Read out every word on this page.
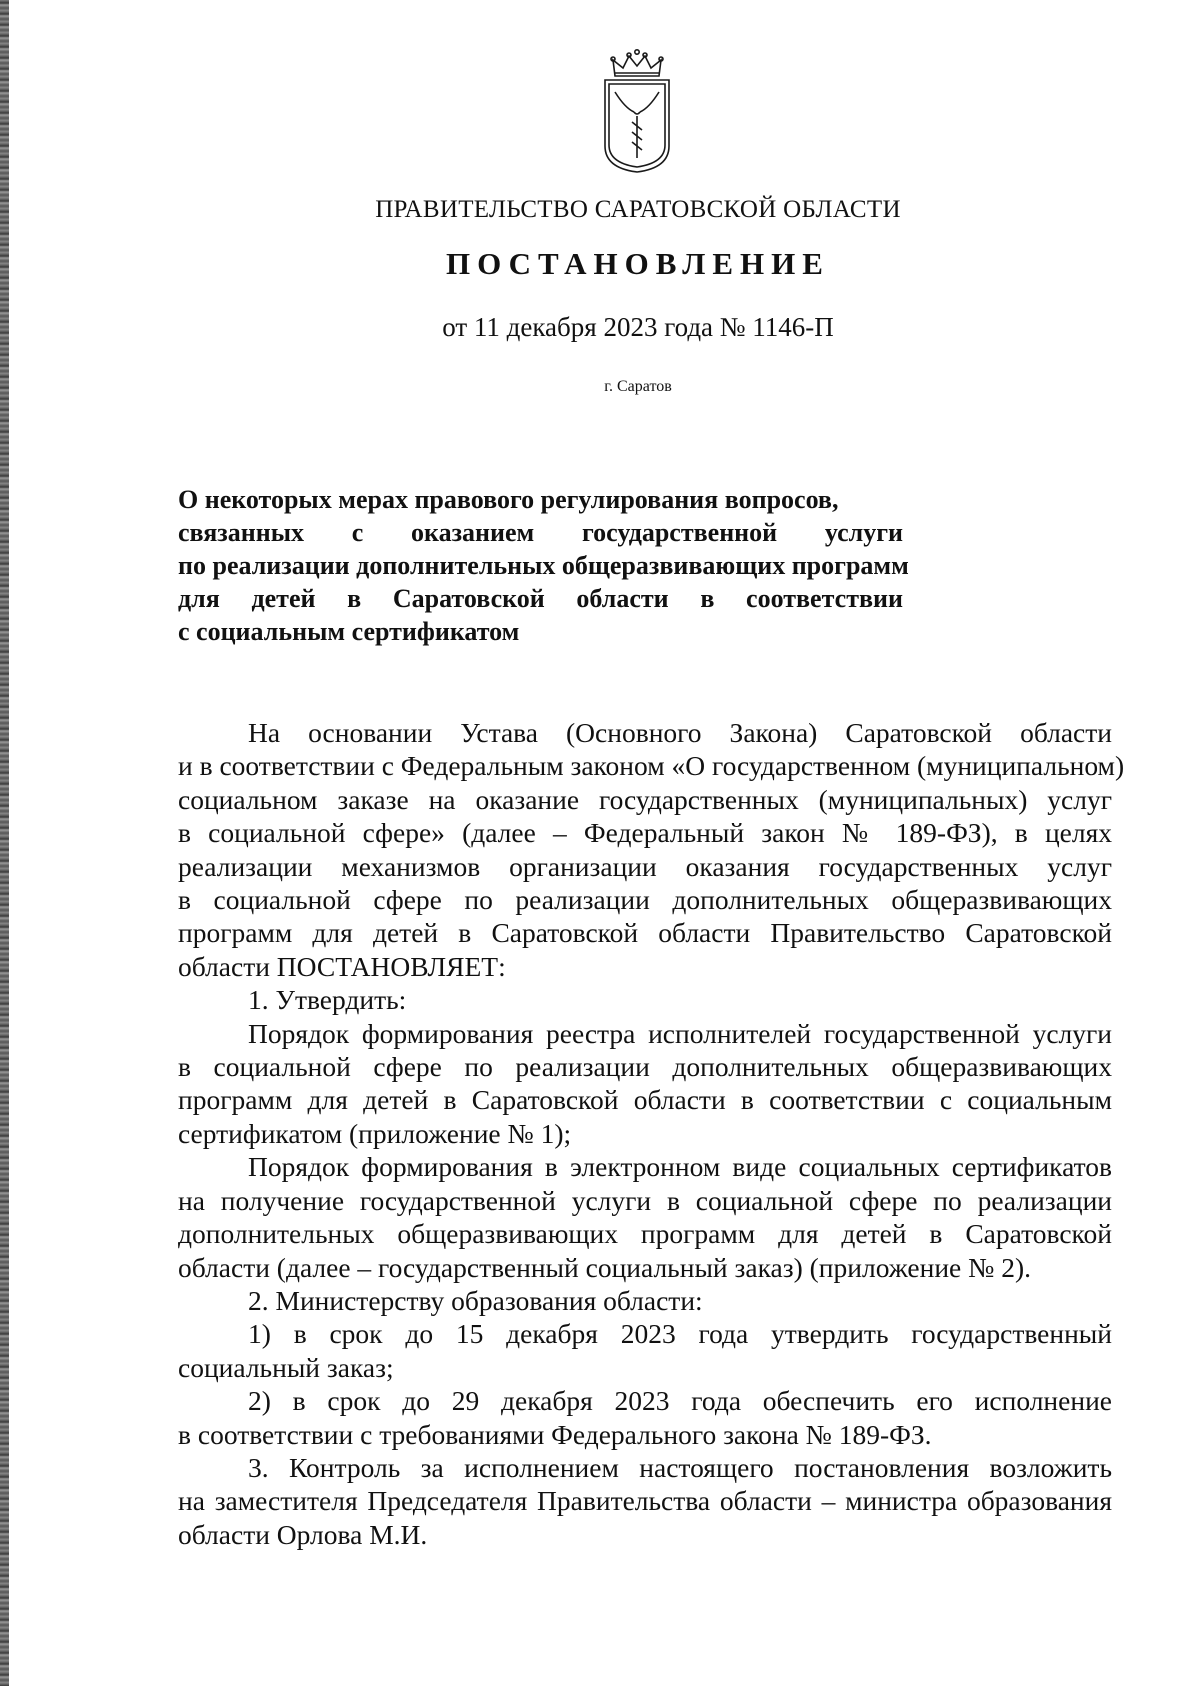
ПРАВИТЕЛЬСТВО САРАТОВСКОЙ ОБЛАСТИ
ПОСТАНОВЛЕНИЕ
от 11 декабря 2023 года № 1146-П
г. Саратов
О некоторых мерах правового регулирования вопросов,
связанных с оказанием государственной услуги
по реализации дополнительных общеразвивающих программ
для детей в Саратовской области в соответствии
с социальным сертификатом
На основании Устава (Основного Закона) Саратовской области
и в соответствии с Федеральным законом «О государственном (муниципальном)
социальном заказе на оказание государственных (муниципальных) услуг
в социальной сфере» (далее – Федеральный закон № 189-ФЗ), в целях
реализации механизмов организации оказания государственных услуг
в социальной сфере по реализации дополнительных общеразвивающих
программ для детей в Саратовской области Правительство Саратовской
области ПОСТАНОВЛЯЕТ:
1. Утвердить:
Порядок формирования реестра исполнителей государственной услуги
в социальной сфере по реализации дополнительных общеразвивающих
программ для детей в Саратовской области в соответствии с социальным
сертификатом (приложение № 1);
Порядок формирования в электронном виде социальных сертификатов
на получение государственной услуги в социальной сфере по реализации
дополнительных общеразвивающих программ для детей в Саратовской
области (далее – государственный социальный заказ) (приложение № 2).
2. Министерству образования области:
1) в срок до 15 декабря 2023 года утвердить государственный
социальный заказ;
2) в срок до 29 декабря 2023 года обеспечить его исполнение
в соответствии с требованиями Федерального закона № 189-ФЗ.
3. Контроль за исполнением настоящего постановления возложить
на заместителя Председателя Правительства области – министра образования
области Орлова М.И.
